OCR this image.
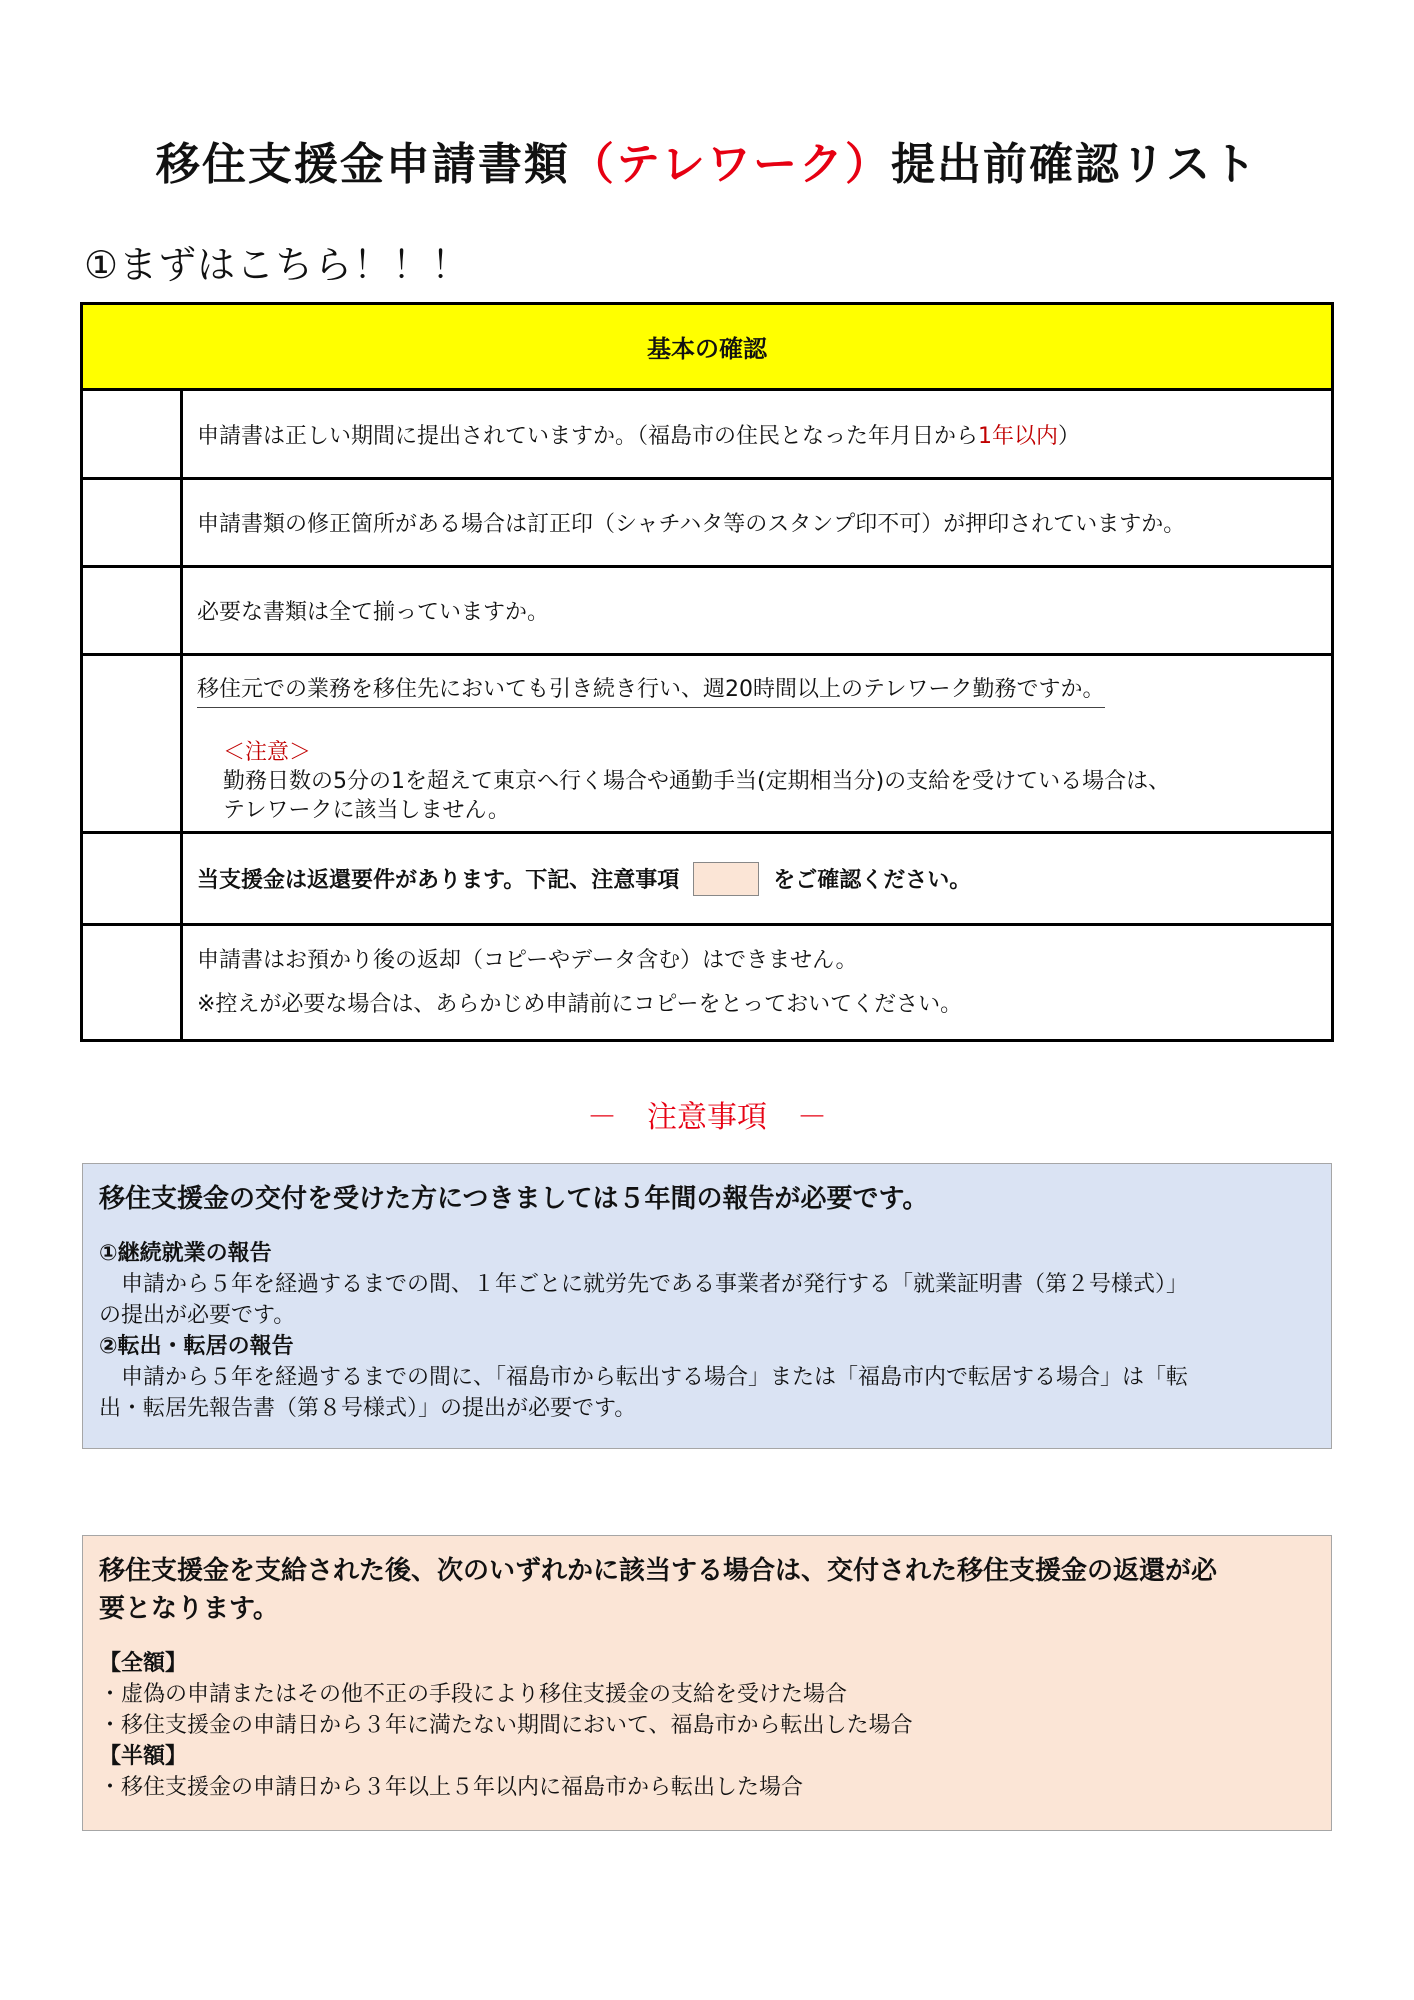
移住支援金申請書類（テレワーク）提出前確認リスト
①まずはこちら！！！
基本の確認
申請書は正しい期間に提出されていますか。（福島市の住民となった年月日から1年以内）
申請書類の修正箇所がある場合は訂正印（シャチハタ等のスタンプ印不可）が押印されていますか。
必要な書類は全て揃っていますか。
移住元での業務を移住先においても引き続き行い、週20時間以上のテレワーク勤務ですか。
＜注意＞
勤務日数の5分の1を超えて東京へ行く場合や通勤手当(定期相当分)の支給を受けている場合は、
テレワークに該当しません。
当支援金は返還要件があります。下記、注意事項	をご確認ください。
申請書はお預かり後の返却（コピーやデータ含む）はできません。
※控えが必要な場合は、あらかじめ申請前にコピーをとっておいてください。
－　注意事項　－
移住支援金の交付を受けた方につきましては５年間の報告が必要です。
①継続就業の報告
申請から５年を経過するまでの間、１年ごとに就労先である事業者が発行する「就業証明書（第２号様式）」
の提出が必要です。
②転出・転居の報告
申請から５年を経過するまでの間に、「福島市から転出する場合」または「福島市内で転居する場合」は「転
出・転居先報告書（第８号様式）」の提出が必要です。
移住支援金を支給された後、次のいずれかに該当する場合は、交付された移住支援金の返還が必
要となります。
【全額】
・虚偽の申請またはその他不正の手段により移住支援金の支給を受けた場合
・移住支援金の申請日から３年に満たない期間において、福島市から転出した場合
【半額】
・移住支援金の申請日から３年以上５年以内に福島市から転出した場合
